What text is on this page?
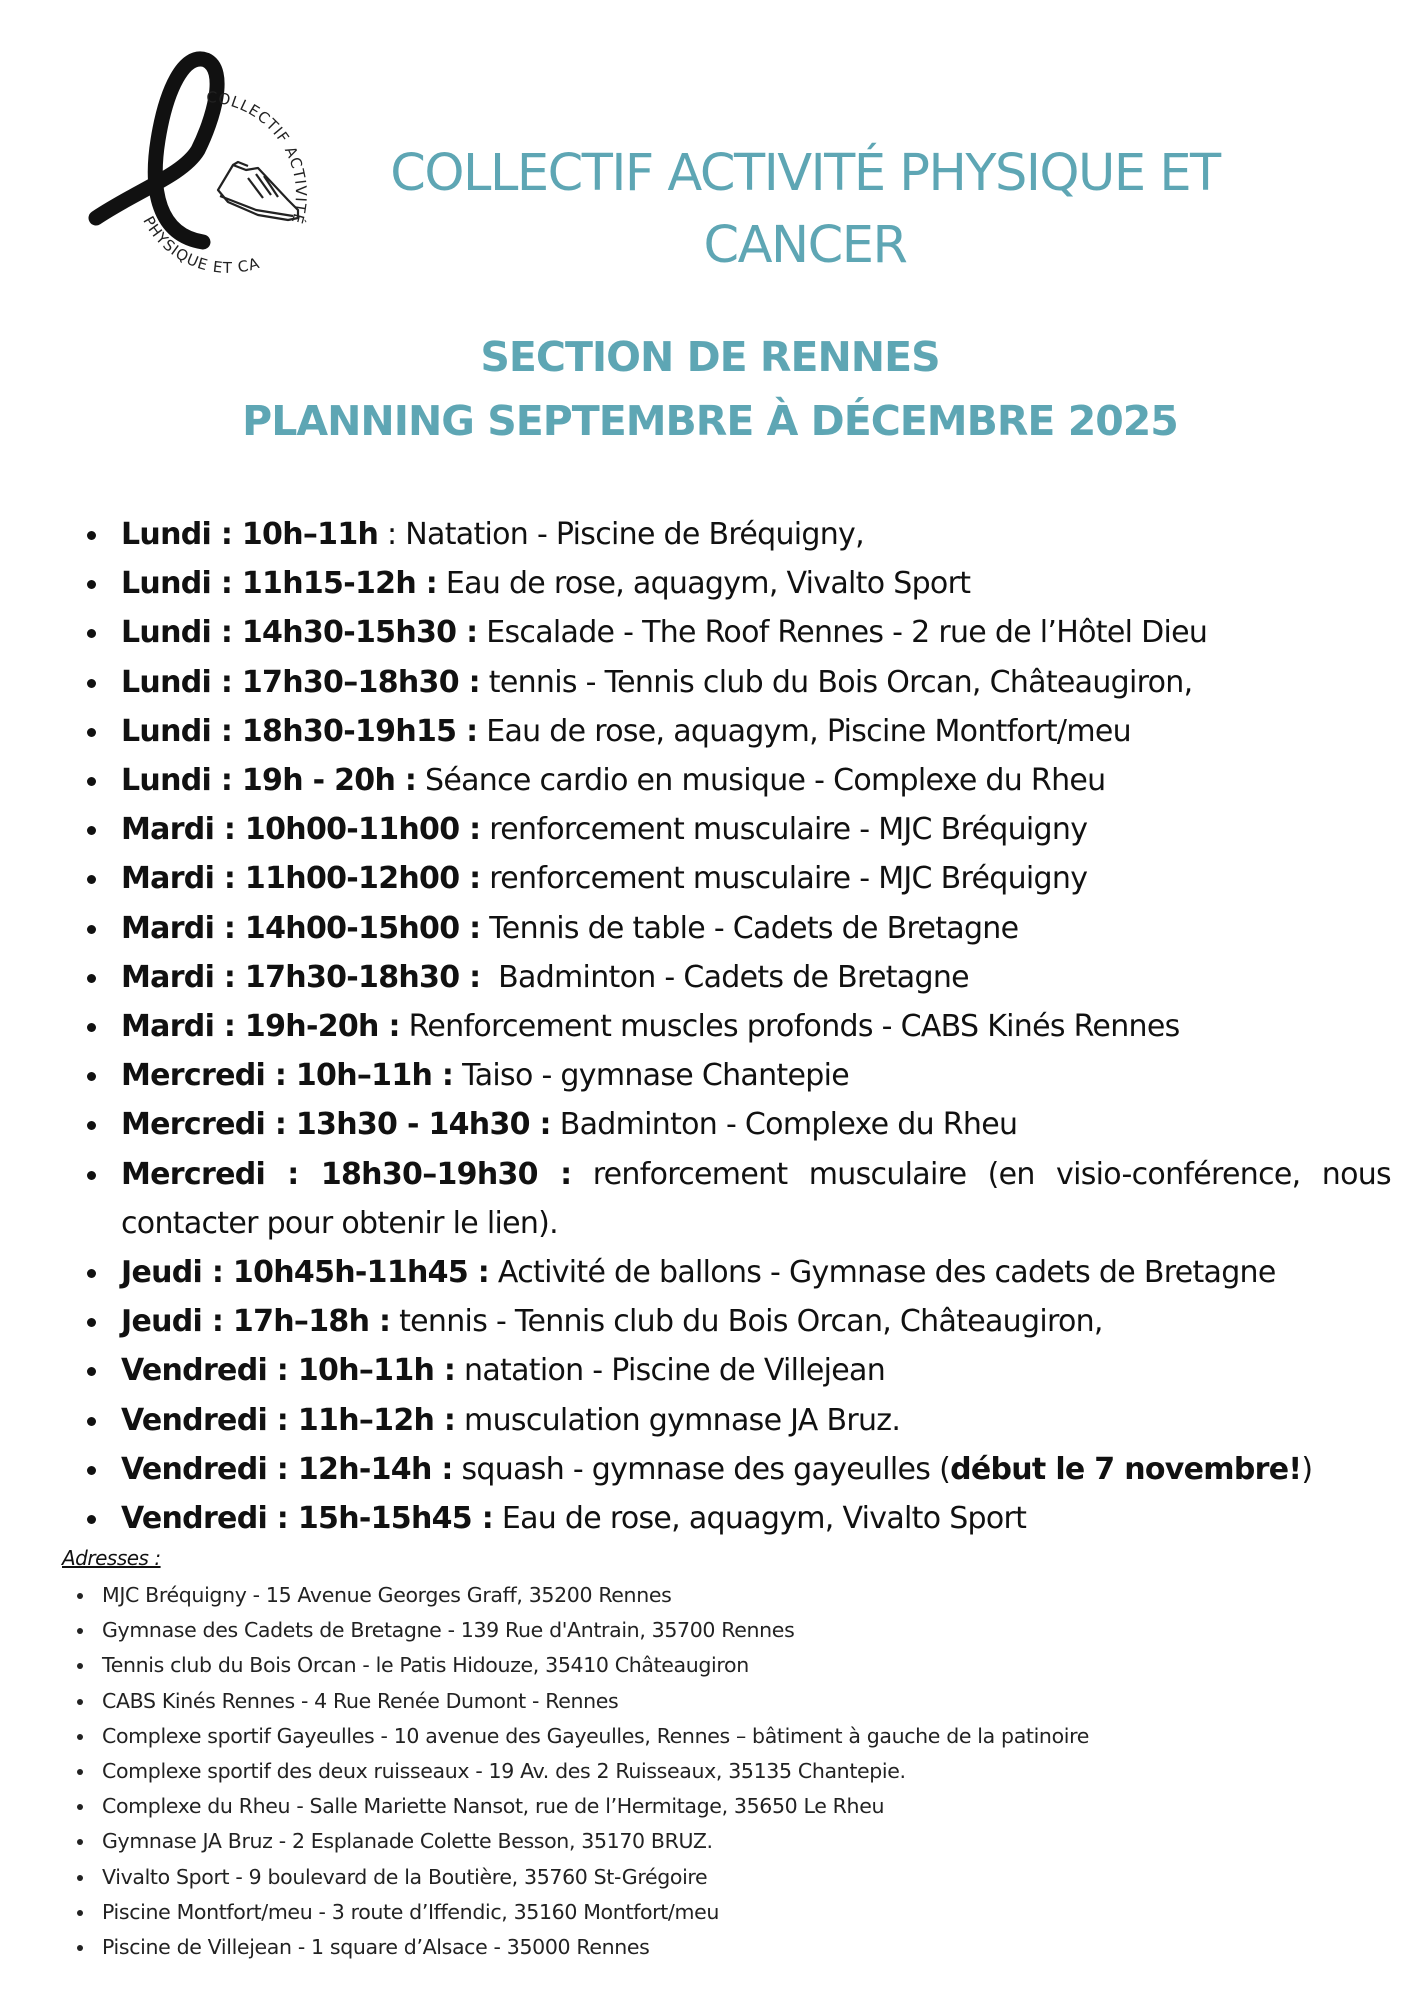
COLLECTIF ACTIVITÉ
PHYSIQUE ET CA
COLLECTIF ACTIVITÉ PHYSIQUE ET CANCER
SECTION DE RENNES
PLANNING SEPTEMBRE À DÉCEMBRE 2025
Lundi : 10h–11h : Natation - Piscine de Bréquigny,
Lundi : 11h15-12h : Eau de rose, aquagym, Vivalto Sport
Lundi : 14h30-15h30 : Escalade - The Roof Rennes - 2 rue de l’Hôtel Dieu
Lundi : 17h30–18h30 : tennis - Tennis club du Bois Orcan, Châteaugiron,
Lundi : 18h30-19h15 : Eau de rose, aquagym, Piscine Montfort/meu
Lundi : 19h - 20h : Séance cardio en musique - Complexe du Rheu
Mardi : 10h00-11h00 : renforcement musculaire - MJC Bréquigny
Mardi : 11h00-12h00 : renforcement musculaire - MJC Bréquigny
Mardi : 14h00-15h00 : Tennis de table - Cadets de Bretagne
Mardi : 17h30-18h30 : Badminton - Cadets de Bretagne
Mardi : 19h-20h : Renforcement muscles profonds - CABS Kinés Rennes
Mercredi : 10h–11h : Taiso - gymnase Chantepie
Mercredi : 13h30 - 14h30 : Badminton - Complexe du Rheu
Mercredi : 18h30–19h30 : renforcement musculaire (en visio-conférence, nous contacter pour obtenir le lien).
Jeudi : 10h45h-11h45 : Activité de ballons - Gymnase des cadets de Bretagne
Jeudi : 17h–18h : tennis - Tennis club du Bois Orcan, Châteaugiron,
Vendredi : 10h–11h : natation - Piscine de Villejean
Vendredi : 11h–12h : musculation gymnase JA Bruz.
Vendredi : 12h-14h : squash - gymnase des gayeulles (début le 7 novembre!)
Vendredi : 15h-15h45 : Eau de rose, aquagym, Vivalto Sport
Adresses :
MJC Bréquigny - 15 Avenue Georges Graff, 35200 Rennes
Gymnase des Cadets de Bretagne - 139 Rue d'Antrain, 35700 Rennes
Tennis club du Bois Orcan - le Patis Hidouze, 35410 Châteaugiron
CABS Kinés Rennes - 4 Rue Renée Dumont - Rennes
Complexe sportif Gayeulles - 10 avenue des Gayeulles, Rennes – bâtiment à gauche de la patinoire
Complexe sportif des deux ruisseaux - 19 Av. des 2 Ruisseaux, 35135 Chantepie.
Complexe du Rheu - Salle Mariette Nansot, rue de l’Hermitage, 35650 Le Rheu
Gymnase JA Bruz - 2 Esplanade Colette Besson, 35170 BRUZ.
Vivalto Sport - 9 boulevard de la Boutière, 35760 St-Grégoire
Piscine Montfort/meu - 3 route d’Iffendic, 35160 Montfort/meu
Piscine de Villejean - 1 square d’Alsace - 35000 Rennes
